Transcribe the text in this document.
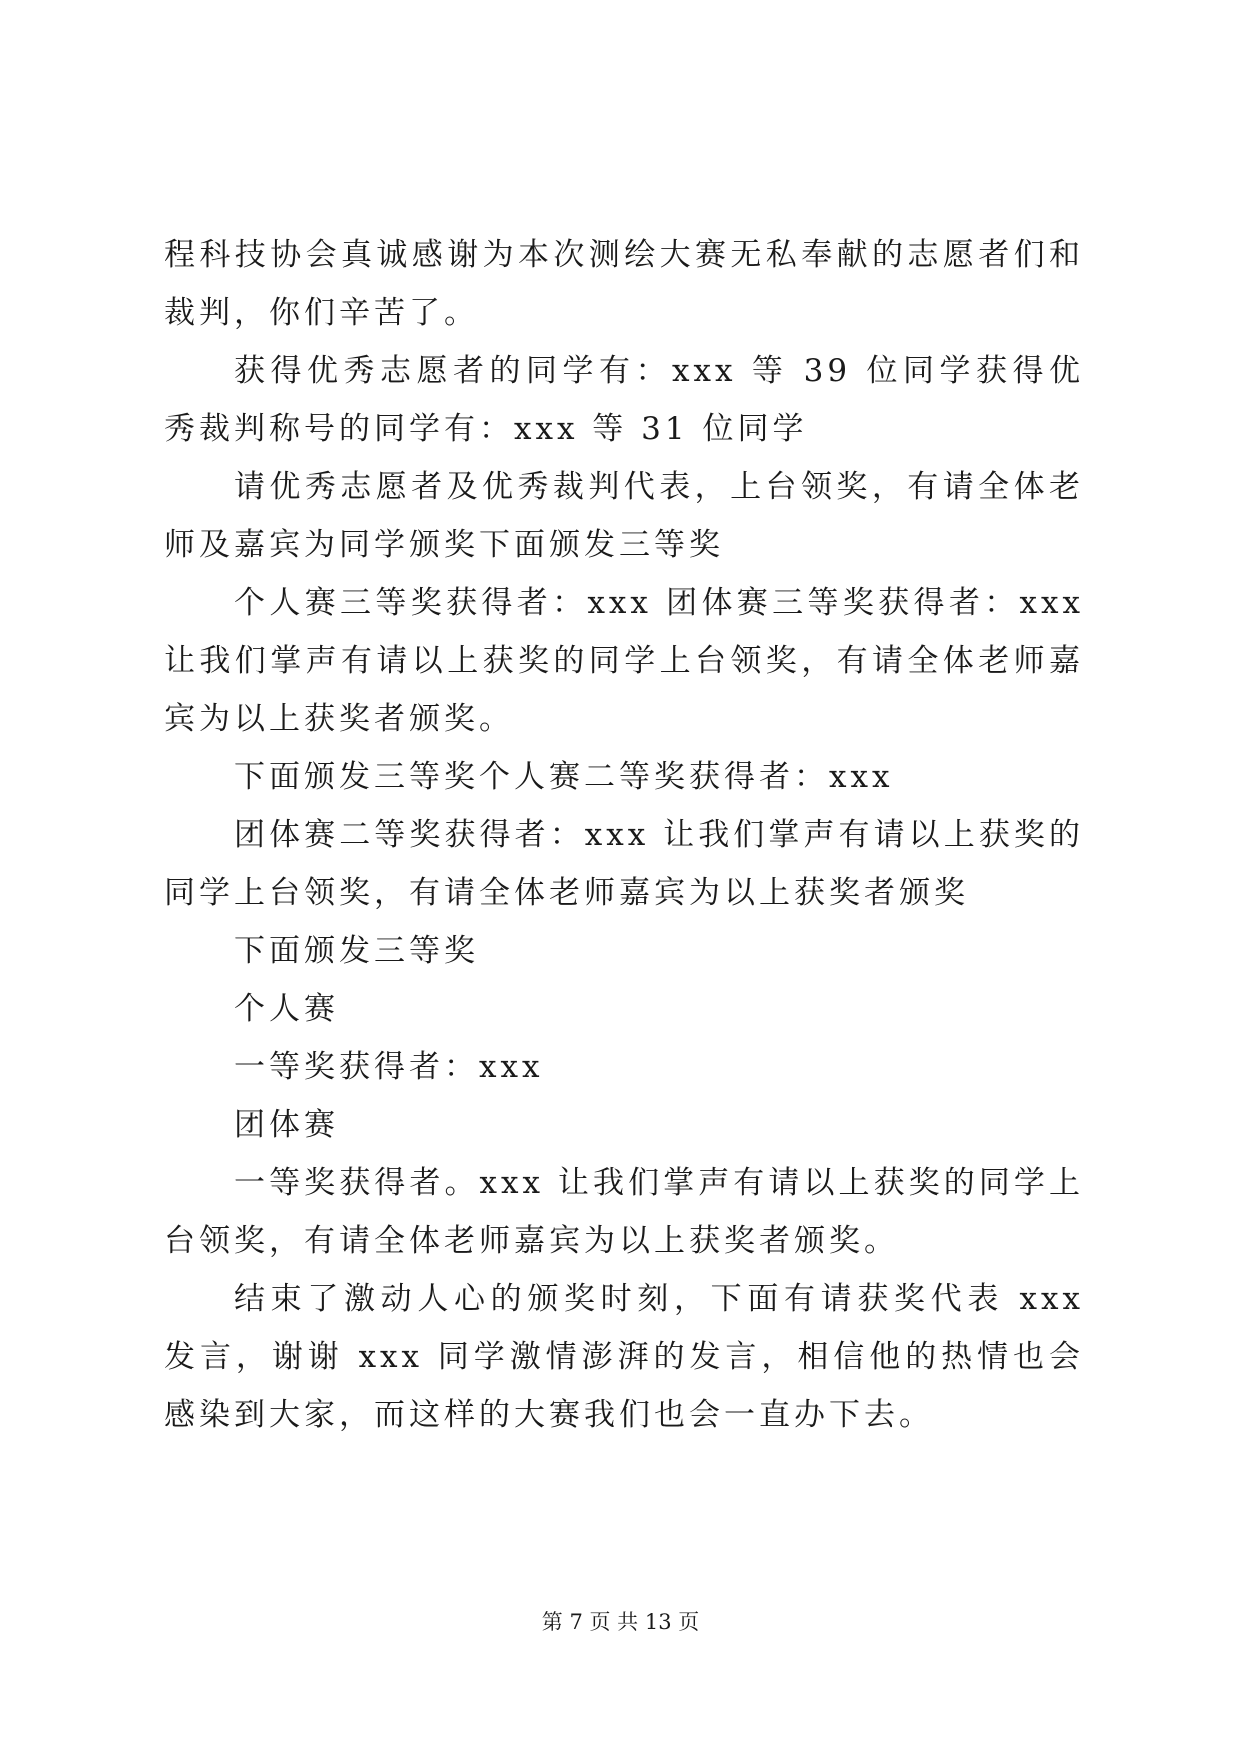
程科技协会真诚感谢为本次测绘大赛无私奉献的志愿者们和裁判，你们辛苦了。

获得优秀志愿者的同学有：xxx 等 39 位同学获得优秀裁判称号的同学有：xxx 等 31 位同学

请优秀志愿者及优秀裁判代表，上台领奖，有请全体老师及嘉宾为同学颁奖下面颁发三等奖

个人赛三等奖获得者：xxx 团体赛三等奖获得者：xxx 让我们掌声有请以上获奖的同学上台领奖，有请全体老师嘉宾为以上获奖者颁奖。

下面颁发三等奖个人赛二等奖获得者：xxx

团体赛二等奖获得者：xxx 让我们掌声有请以上获奖的同学上台领奖，有请全体老师嘉宾为以上获奖者颁奖

下面颁发三等奖

个人赛

一等奖获得者：xxx

团体赛

一等奖获得者。xxx 让我们掌声有请以上获奖的同学上台领奖，有请全体老师嘉宾为以上获奖者颁奖。

结束了激动人心的颁奖时刻，下面有请获奖代表 xxx 发言，谢谢 xxx 同学激情澎湃的发言，相信他的热情也会感染到大家，而这样的大赛我们也会一直办下去。

第 7 页 共 13 页
